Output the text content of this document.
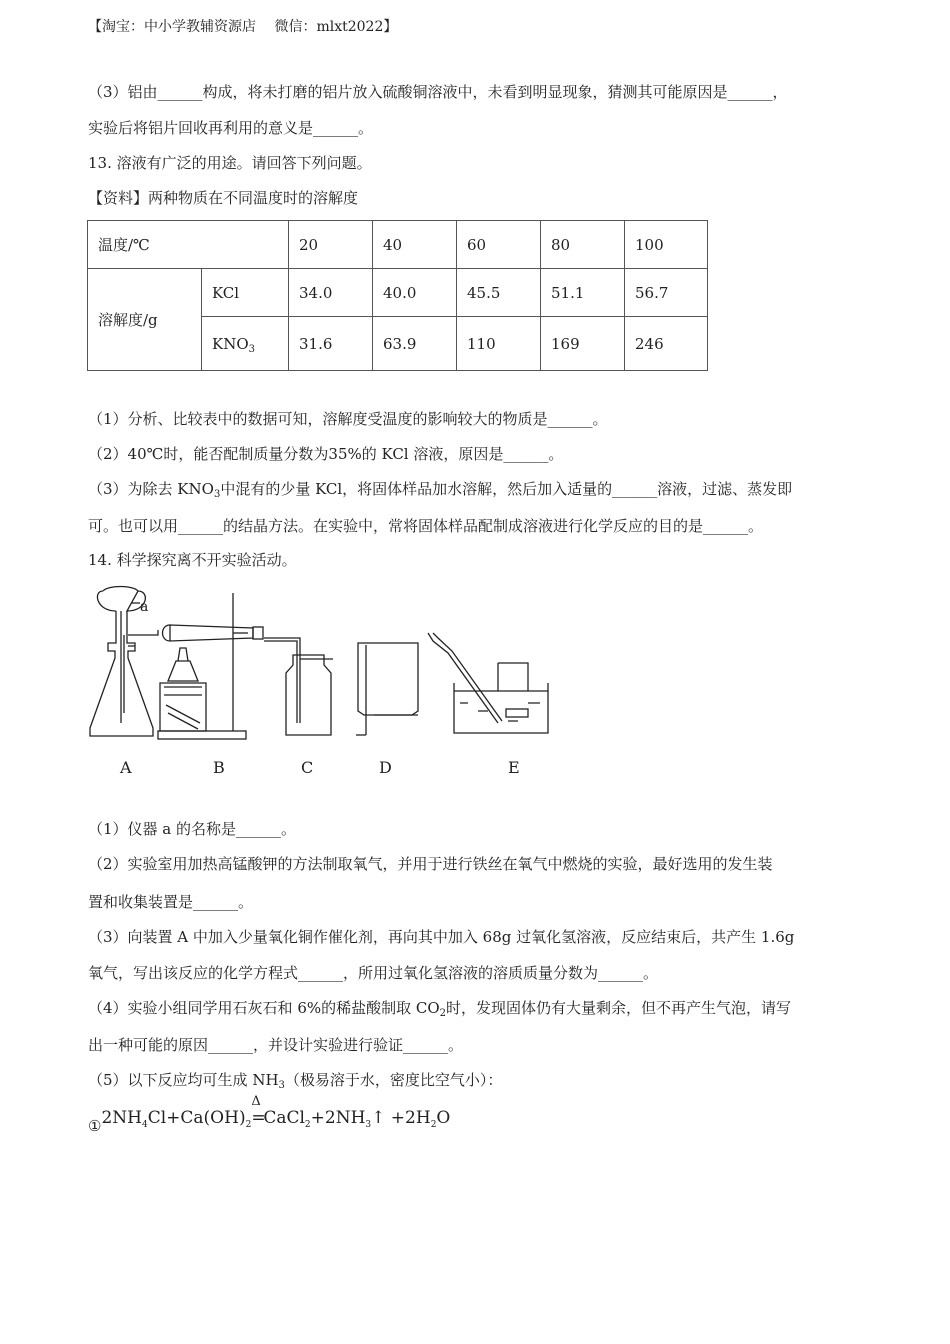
【淘宝：中小学教辅资源店　 微信：mlxt2022】
（3）铝由______构成，将未打磨的铝片放入硫酸铜溶液中，未看到明显现象，猜测其可能原因是______，
实验后将铝片回收再利用的意义是______。
13. 溶液有广泛的用途。请回答下列问题。
【资料】两种物质在不同温度时的溶解度
温度/℃		20	40	60	80	100
溶解度/g	KCl	34.0	40.0	45.5	51.1	56.7
	$KNO_3$	31.6	63.9	110	169	246
（1）分析、比较表中的数据可知，溶解度受温度的影响较大的物质是______。
（2）40℃时，能否配制质量分数为35%的 KCl 溶液，原因是______。
（3）为除去 $KNO_3$中混有的少量 KCl，将固体样品加水溶解，然后加入适量的______溶液，过滤、蒸发即
可。也可以用______的结晶方法。在实验中，常将固体样品配制成溶液进行化学反应的目的是______。
14. 科学探究离不开实验活动。
a
A	B	C	D	E
（1）仪器 a 的名称是______。
（2）实验室用加热高锰酸钾的方法制取氧气，并用于进行铁丝在氧气中燃烧的实验，最好选用的发生装
置和收集装置是______。
（3）向装置 A 中加入少量氧化铜作催化剂，再向其中加入 68g 过氧化氢溶液，反应结束后，共产生 1.6g
氧气，写出该反应的化学方程式______，所用过氧化氢溶液的溶质质量分数为______。
（4）实验小组同学用石灰石和 6%的稀盐酸制取 $CO_2$时，发现固体仍有大量剩余，但不再产生气泡，请写
出一种可能的原因______，并设计实验进行验证______。
（5）以下反应均可生成 $NH_3$（极易溶于水，密度比空气小）：
$①2NH_4Cl+Ca(OH)_2$
Δ
$=CaCl_2+2NH_3↑ +2H_2O$
